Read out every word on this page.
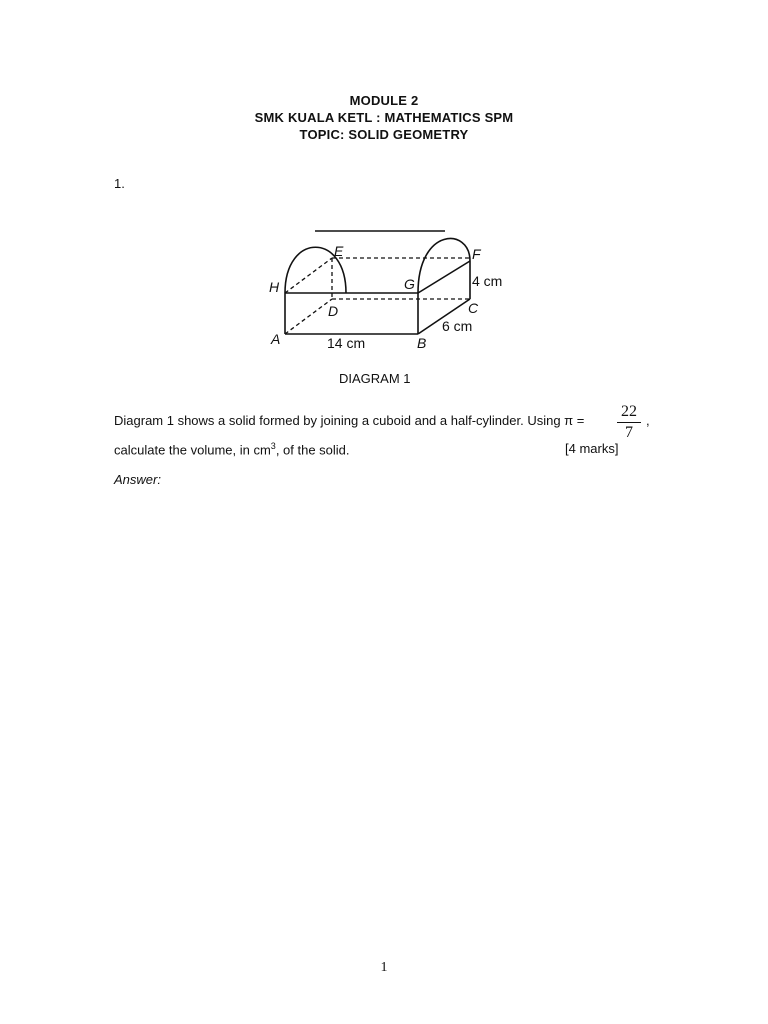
MODULE 2
SMK KUALA KETL : MATHEMATICS SPM
TOPIC: SOLID GEOMETRY
1.
E	F
H	G
D	C
A	B
4 cm
6 cm
14 cm
DIAGRAM 1
Diagram 1 shows a solid formed by joining a cuboid and a half-cylinder. Using $\pi = \frac{22}{7}$ ,
calculate the volume, in $cm^3$, of the solid.	[4 marks]
Answer:
1
